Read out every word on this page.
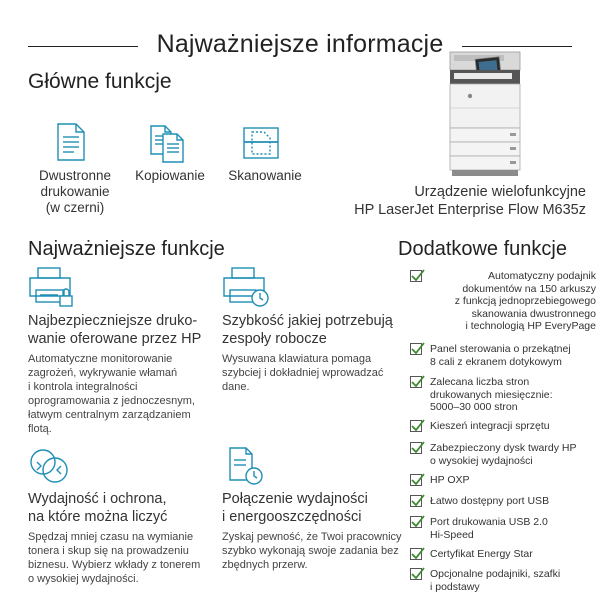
Najważniejsze informacje
Główne funkcje
Dwustronne
drukowanie
(w czerni)
Kopiowanie	Skanowanie
Urządzenie wielofunkcyjne
HP LaserJet Enterprise Flow M635z
Najważniejsze funkcje	Dodatkowe funkcje
Najbezpieczniejsze druko-
wanie oferowane przez HP
Automatyczne monitorowanie
zagrożeń, wykrywanie włamań
i kontrola integralności
oprogramowania z jednoczesnym,
łatwym centralnym zarządzaniem
flotą.
Szybkość jakiej potrzebują
zespoły robocze
Wysuwana klawiatura pomaga
szybciej i dokładniej wprowadzać
dane.
Wydajność i ochrona,
na które można liczyć
Spędzaj mniej czasu na wymianie
tonera i skup się na prowadzeniu
biznesu. Wybierz wkłady z tonerem
o wysokiej wydajności.
Połączenie wydajności
i energooszczędności
Zyskaj pewność, że Twoi pracownicy
szybko wykonają swoje zadania bez
zbędnych przerw.
Automatyczny podajnik
dokumentów na 150 arkuszy
z funkcją jednoprzebiegowego
skanowania dwustronnego
i technologią HP EveryPage
Panel sterowania o przekątnej
8 cali z ekranem dotykowym
Zalecana liczba stron
drukowanych miesięcznie:
5000–30 000 stron
Kieszeń integracji sprzętu
Zabezpieczony dysk twardy HP
o wysokiej wydajności
HP OXP
Łatwo dostępny port USB
Port drukowania USB 2.0
Hi-Speed
Certyfikat Energy Star
Opcjonalne podajniki, szafki
i podstawy
